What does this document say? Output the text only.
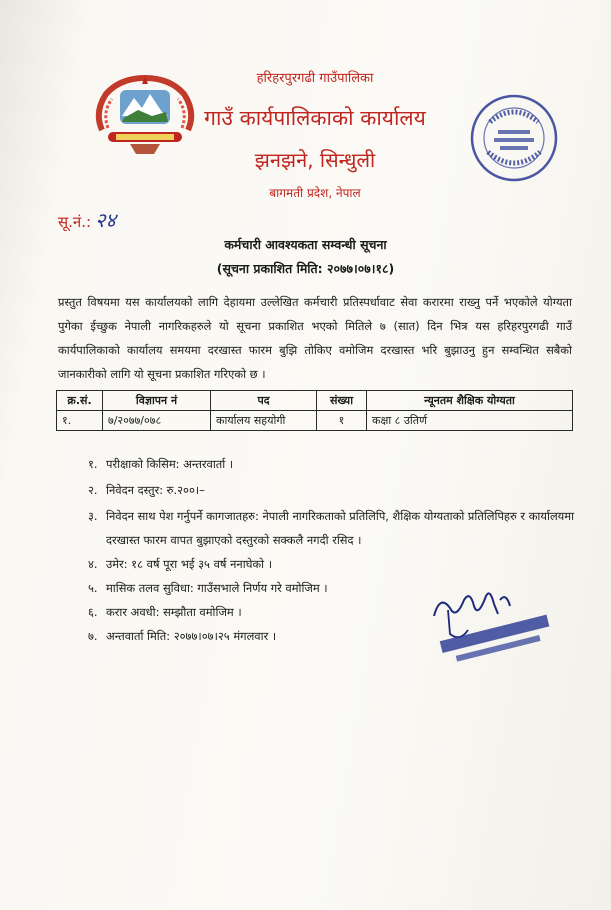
हरिहरपुरगढी गाउँपालिका
गाउँ कार्यपालिकाको कार्यालय
झनझने, सिन्धुली
बागमती प्रदेश, नेपाल
सू.नं.: २४
कर्मचारी आवश्यकता सम्वन्धी सूचना
(सूचना प्रकाशित मिति: २०७७।०७।१८)
प्रस्तुत विषयमा यस कार्यालयको लागि देहायमा उल्लेखित कर्मचारी प्रतिस्पर्धावाट सेवा करारमा राख्नु पर्ने भएकोले योग्यता पुगेका ईच्छुक नेपाली नागरिकहरुले यो सूचना प्रकाशित भएको मितिले ७ (सात) दिन भित्र यस हरिहरपुरगढी गाउँ कार्यपालिकाको कार्यालय समयमा दरखास्त फारम बुझि तोकिए वमोजिम दरखास्त भरि बुझाउनु हुन सम्वन्धित सबैको जानकारीको लागि यो सूचना प्रकाशित गरिएको छ ।
क्र.सं.	विज्ञापन नं	पद	संख्या	न्यूनतम शैक्षिक योग्यता
१.	७/२०७७/०७८	कार्यालय सहयोगी	१	कक्षा ८ उतिर्ण
१. परीक्षाको किसिम: अन्तरवार्ता ।
२. निवेदन दस्तुर: रु.२००।–
३. निवेदन साथ पेश गर्नुपर्ने कागजातहरु: नेपाली नागरिकताको प्रतिलिपि, शैक्षिक योग्यताको प्रतिलिपिहरु र कार्यालयमा दरखास्त फारम वापत बुझाएको दस्तुरको सक्कलै नगदी रसिद ।
४. उमेर: १८ वर्ष पूरा भई ३५ वर्ष ननाघेको ।
५. मासिक तलव सुविधा: गाउँसभाले निर्णय गरे वमोजिम ।
६. करार अवधी: सम्झौता वमोजिम ।
७. अन्तवार्ता मिति: २०७७।०७।२५ मंगलवार ।
